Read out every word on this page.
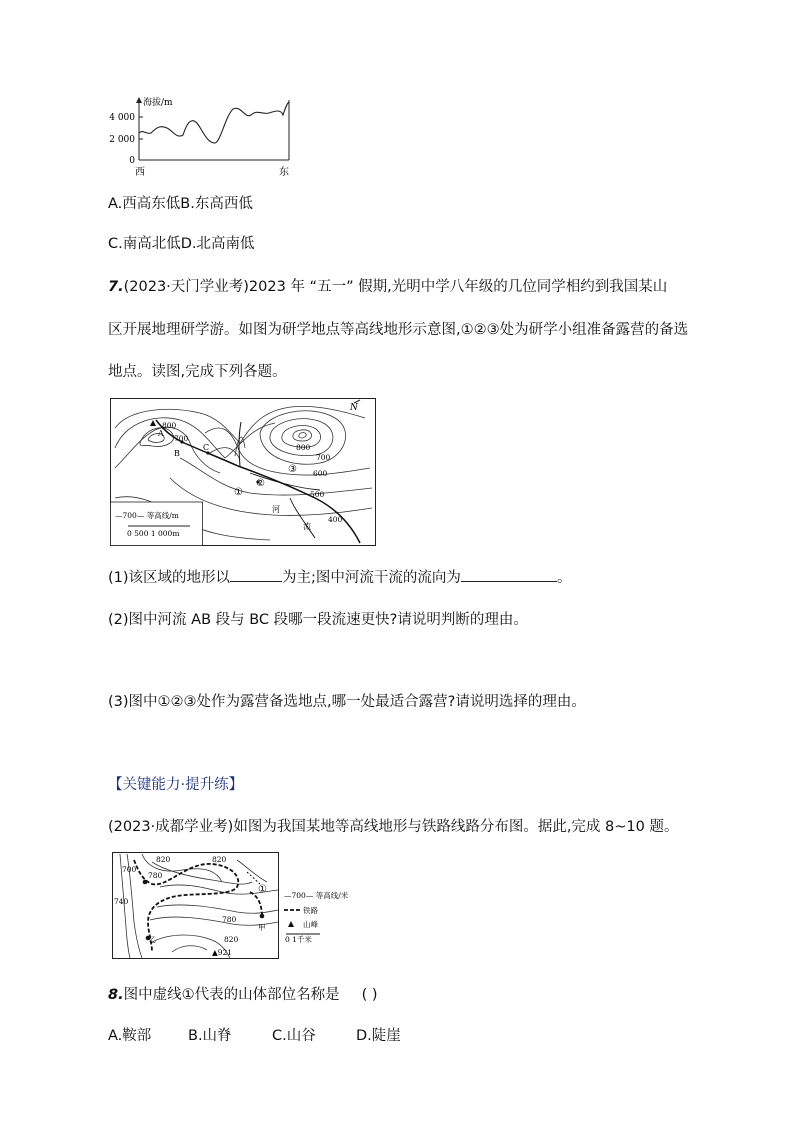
海拔/m
4 000
2 000
0
西	东
A.西高东低B.东高西低
C.南高北低D.北高南低
7.(2023·天门学业考)2023 年 “五一” 假期,光明中学八年级的几位同学相约到我国某山
区开展地理研学游。如图为研学地点等高线地形示意图,①②③处为研学小组准备露营的备选
地点。读图,完成下列各题。
N
800
700
A
B
C	800
700
600
500
400
①
②
③
河
流
—700— 等高线/m
0 500 1 000m
(1)该区域的地形以	为主;图中河流干流的流向为	。
(2)图中河流 AB 段与 BC 段哪一段流速更快?请说明判断的理由。
(3)图中①②③处作为露营备选地点,哪一处最适合露营?请说明选择的理由。
【关键能力·提升练】
(2023·成都学业考)如图为我国某地等高线地形与铁路线路分布图。据此,完成 8~10 题。
820	820
820
780
780
700
740
▲921
甲
乙
①
—700— 等高线/米
铁路
山峰
0 1千米
8.图中虚线①代表的山体部位名称是 ( )
A.鞍部	B.山脊	C.山谷	D.陡崖
